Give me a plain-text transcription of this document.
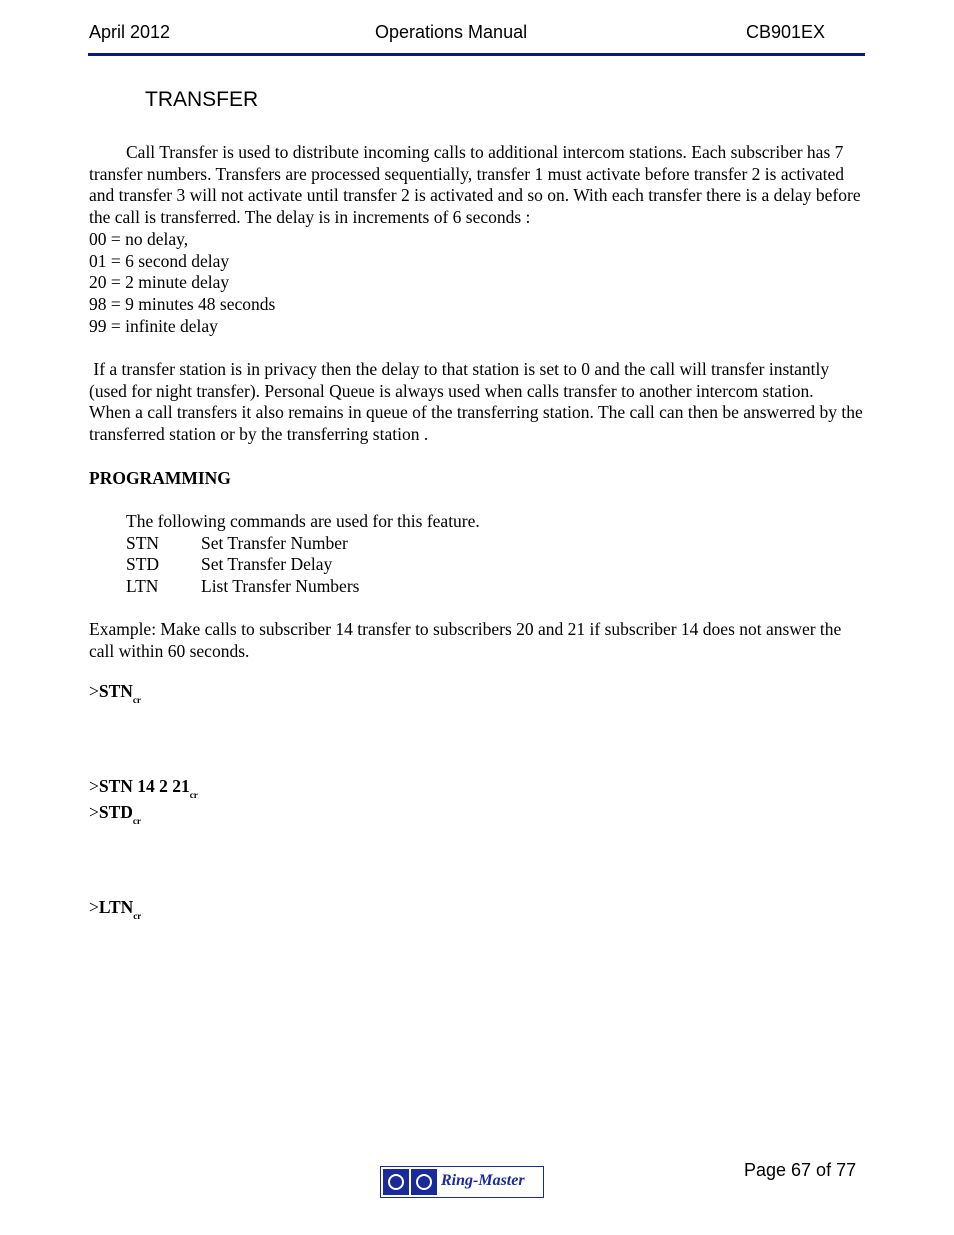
April 2012	Operations Manual	CB901EX
TRANSFER

Call Transfer is used to distribute incoming calls to additional intercom stations. Each subscriber has 7 transfer numbers. Transfers are processed sequentially, transfer 1 must activate before transfer 2 is activated and transfer 3 will not activate until transfer 2 is activated and so on. With each transfer there is a delay before the call is transferred. The delay is in increments of 6 seconds :

00 = no delay,

01 = 6 second delay

20 = 2 minute delay

98 = 9 minutes 48 seconds

99 = infinite delay

If a transfer station is in privacy then the delay to that station is set to 0 and the call will transfer instantly (used for night transfer). Personal Queue is always used when calls transfer to another intercom station.

When a call transfers it also remains in queue of the transferring station. The call can then be answerred by the transferred station or by the transferring station .

PROGRAMMING

The following commands are used for this feature.

STN Set Transfer Number
STD Set Transfer Delay
LTN List Transfer Numbers

Example: Make calls to subscriber 14 transfer to subscribers 20 and 21 if subscriber 14 does not answer the call within 60 seconds.

$>STN_{cr}$
>STN 14 2 $21_{cr}$
$>STD_{cr}$
$>LTN_{cr}$
Page 67 of 77
Ring-Master
